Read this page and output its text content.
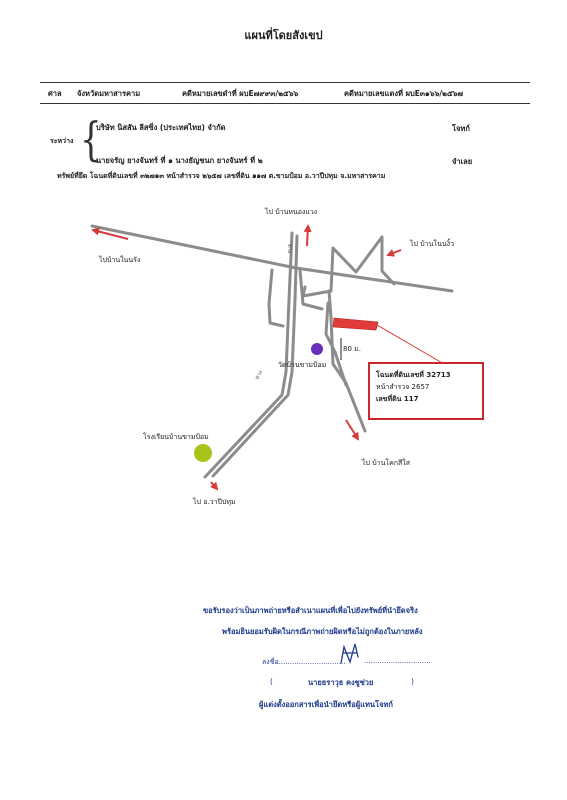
แผนที่โดยสังเขป
ศาล จังหวัดมหาสารคาม	คดีหมายเลขดำที่ ผบE๗๙๙๓/๒๕๖๖	คดีหมายเลขแดงที่ ผบE๓๑๖๖/๒๕๖๗
ระหว่าง {
บริษัท นิสสัน ลีสซิ่ง (ประเทศไทย) จำกัด	โจทก์
นายจรัญ ยางจันทร์ ที่ ๑ นางธัญชนก ยางจันทร์ ที่ ๒	จำเลย
ทรัพย์ที่ยึด โฉนดที่ดินเลขที่ ๓๒๗๑๓ หน้าสำรวจ ๒๖๕๗ เลขที่ดิน ๑๑๗ ต.ขามป้อม อ.วาปีปทุม จ.มหาสารคาม
ทาง
ทาง
ไป บ้านหนองแวง
ไป บ้านโนนงิ้ว
ไปบ้านในนรัง
80 ม.
วัดบ้านขามป้อม
โรงเรียนบ้านขามป้อม
ไป บ้านโคกสีใส
ไป อ.วาปีปทุม
โฉนดที่ดินเลขที่ 32713
หน้าสำรวจ 2657
เลขที่ดิน 117
ขอรับรองว่าเป็นภาพถ่ายหรือสำเนาแผนที่เพื่อไปยังทรัพย์ที่นำยึดจริง
พร้อมยินยอมรับผิดในกรณีภาพถ่ายผิดหรือไม่ถูกต้องในภายหลัง
ลงชื่อ..............................	..............................
(	นายธราวุธ คงชูช่วย	)
ผู้แต่งตั้งออกสารเพื่อนำยึดหรือผู้แทนโจทก์
